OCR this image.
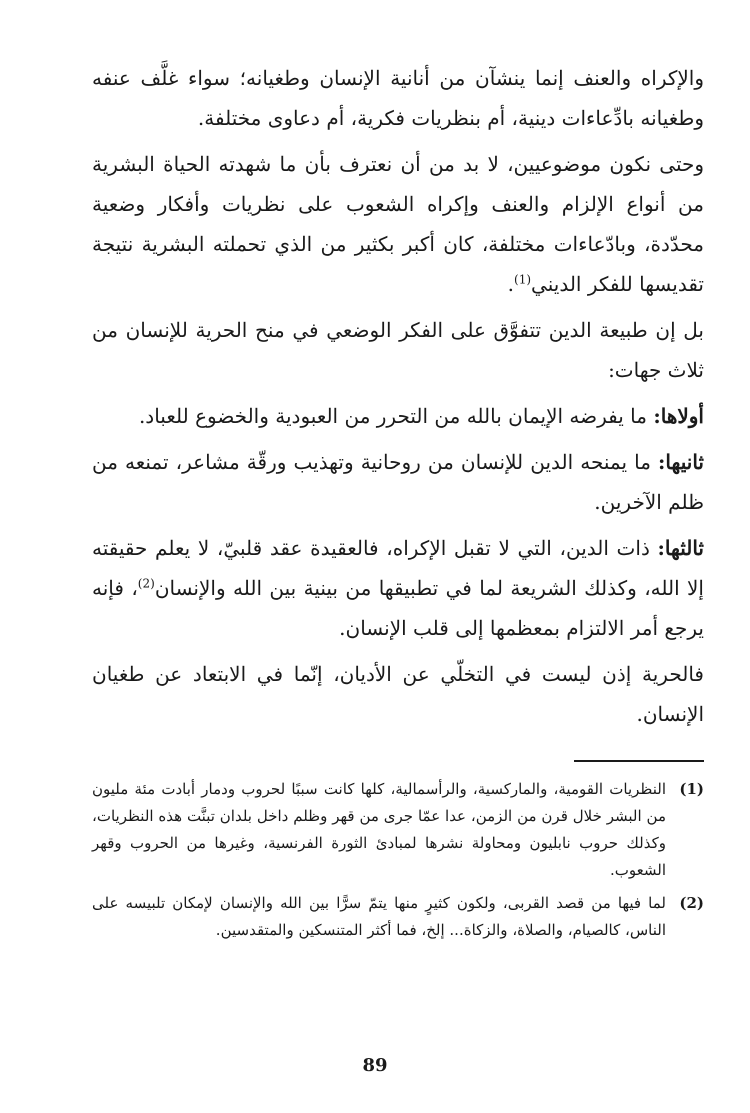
والإكراه والعنف إنما ينشآن من أنانية الإنسان وطغيانه؛ سواء غلَّف عنفه وطغيانه بادِّعاءات دينية، أم بنظريات فكرية، أم دعاوى مختلفة.

وحتى نكون موضوعيين، لا بد من أن نعترف بأن ما شهدته الحياة البشرية من أنواع الإلزام والعنف وإكراه الشعوب على نظريات وأفكار وضعية محدّدة، وبادّعاءات مختلفة، كان أكبر بكثير من الذي تحملته البشرية نتيجة تقديسها للفكر الديني$^{(1)}$.

بل إن طبيعة الدين تتفوَّق على الفكر الوضعي في منح الحرية للإنسان من ثلاث جهات:

أولاها: ما يفرضه الإيمان بالله من التحرر من العبودية والخضوع للعباد.

ثانيها: ما يمنحه الدين للإنسان من روحانية وتهذيب ورقّة مشاعر، تمنعه من ظلم الآخرين.

ثالثها: ذات الدين، التي لا تقبل الإكراه، فالعقيدة عقد قلبيّ، لا يعلم حقيقته إلا الله، وكذلك الشريعة لما في تطبيقها من بينية بين الله والإنسان$^{(2)}$، فإنه يرجع أمر الالتزام بمعظمها إلى قلب الإنسان.

فالحرية إذن ليست في التخلّي عن الأديان، إنّما في الابتعاد عن طغيان الإنسان.

(1)
النظريات القومية، والماركسية، والرأسمالية، كلها كانت سببًا لحروب ودمار أبادت مئة مليون من البشر خلال قرن من الزمن، عدا عمّا جرى من قهر وظلم داخل بلدان تبنَّت هذه النظريات، وكذلك حروب نابليون ومحاولة نشرها لمبادئ الثورة الفرنسية، وغيرها من الحروب وقهر الشعوب.
(2)
لما فيها من قصد القربى، ولكون كثيرٍ منها يتمّ سرًّا بين الله والإنسان لإمكان تلبيسه على الناس، كالصيام، والصلاة، والزكاة... إلخ، فما أكثر المتنسكين والمتقدسين.
89
